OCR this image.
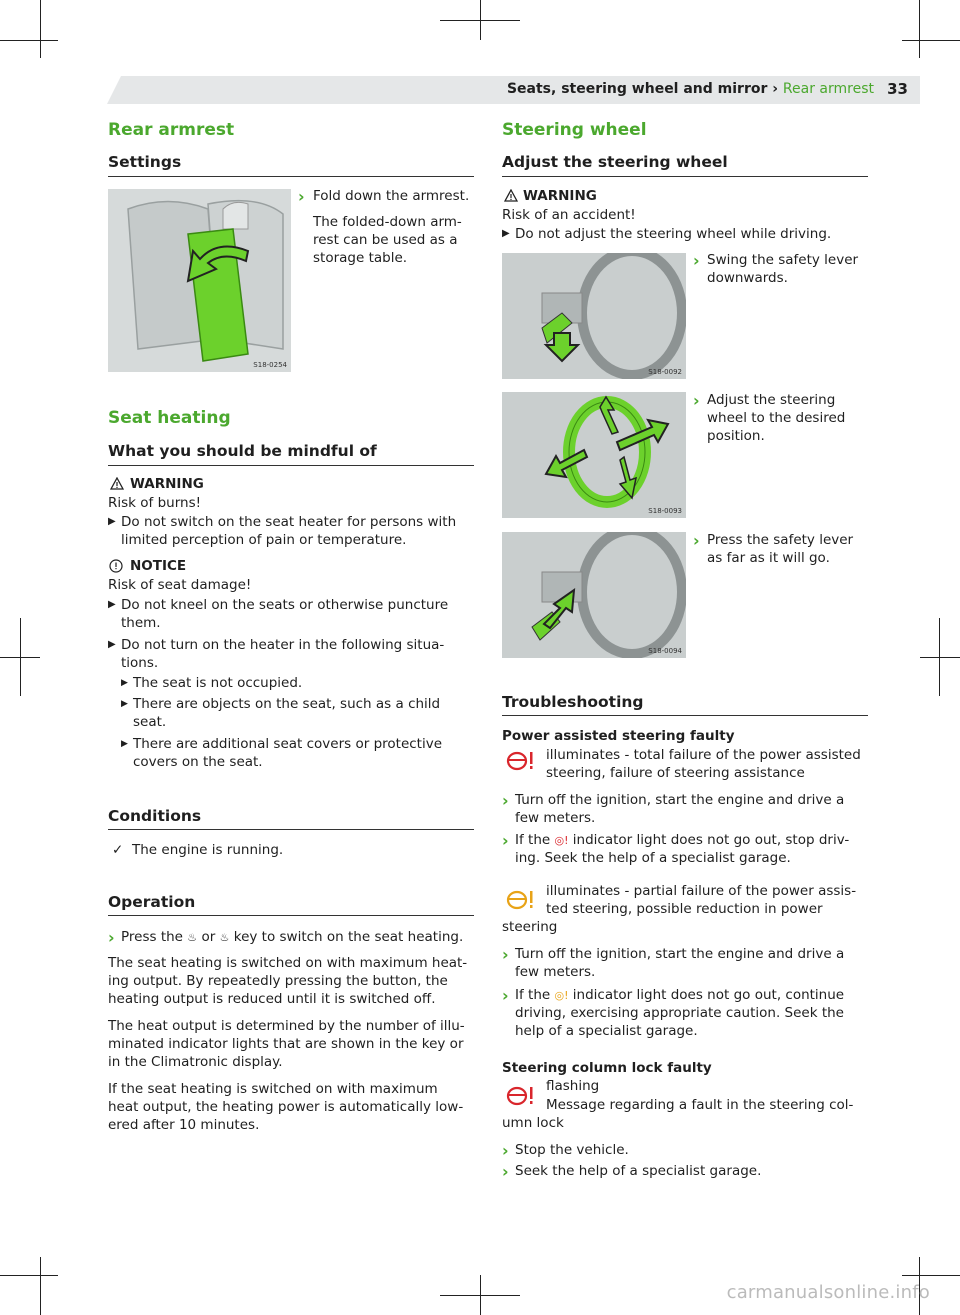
Seats, steering wheel and mirror › Rear armrest 33
Rear armrest
Settings
S18-0254
› Fold down the armrest.
The folded-down arm-
rest can be used as a
storage table.
Seat heating
What you should be mindful of
WARNING
Risk of burns!
▶ Do not switch on the seat heater for persons with
limited perception of pain or temperature.
NOTICE
Risk of seat damage!
▶ Do not kneel on the seats or otherwise puncture
them.
▶ Do not turn on the heater in the following situa-
tions.
▶ The seat is not occupied.
▶ There are objects on the seat, such as a child
seat.
▶ There are additional seat covers or protective
covers on the seat.
Conditions
✓ The engine is running.
Operation
› Press the ♨ or ♨ key to switch on the seat heating.
The seat heating is switched on with maximum heat-
ing output. By repeatedly pressing the button, the
heating output is reduced until it is switched off.
The heat output is determined by the number of illu-
minated indicator lights that are shown in the key or
in the Climatronic display.
If the seat heating is switched on with maximum
heat output, the heating power is automatically low-
ered after 10 minutes.
Steering wheel
Adjust the steering wheel
WARNING
Risk of an accident!
▶ Do not adjust the steering wheel while driving.
S18-0092
› Swing the safety lever
downwards.
S18-0093
› Adjust the steering
wheel to the desired
position.
S18-0094
› Press the safety lever
as far as it will go.
Troubleshooting
Power assisted steering faulty
illuminates - total failure of the power assisted
steering, failure of steering assistance
› Turn off the ignition, start the engine and drive a
few meters.
› If the ◎! indicator light does not go out, stop driv-
ing. Seek the help of a specialist garage.
illuminates - partial failure of the power assis-
ted steering, possible reduction in power
steering
› Turn off the ignition, start the engine and drive a
few meters.
› If the ◎! indicator light does not go out, continue
driving, exercising appropriate caution. Seek the
help of a specialist garage.
Steering column lock faulty
flashing
Message regarding a fault in the steering col-
umn lock
› Stop the vehicle.
› Seek the help of a specialist garage.
carmanualsonline.info
